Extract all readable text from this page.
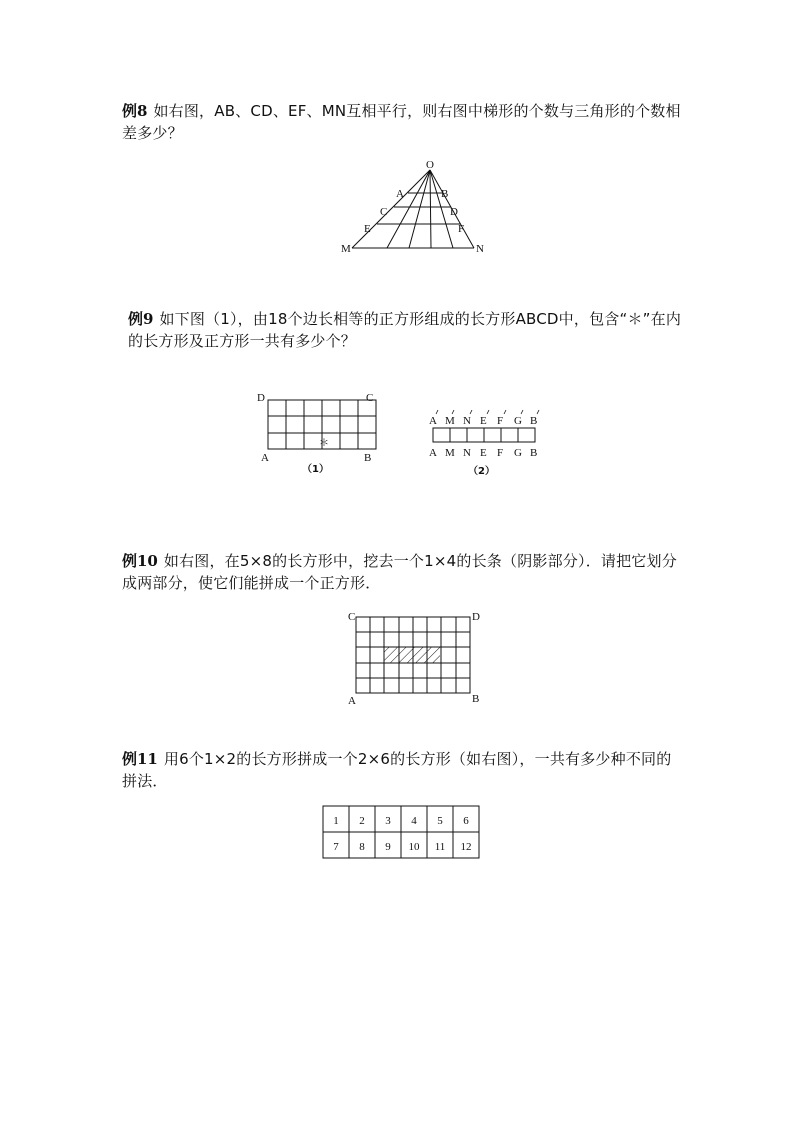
例8 如右图，AB、CD、EF、MN互相平行，则右图中梯形的个数与三角形的个数相差多少？
O
A	B
C	D
E	F
M	N
例9 如下图（1），由18个边长相等的正方形组成的长方形ABCD中，包含“＊”在内的长方形及正方形一共有多少个？
＊
D	C
A	B
（1）
A M N E F G B
A M N E F G B
（2）
例10 如右图，在5×8的长方形中，挖去一个1×4的长条（阴影部分）．请把它划分成两部分，使它们能拼成一个正方形．
C	D
A	B
例11 用6个1×2的长方形拼成一个2×6的长方形（如右图），一共有多少种不同的拼法．
1 2 3 4 5 6
7 8 9 10 11 12
